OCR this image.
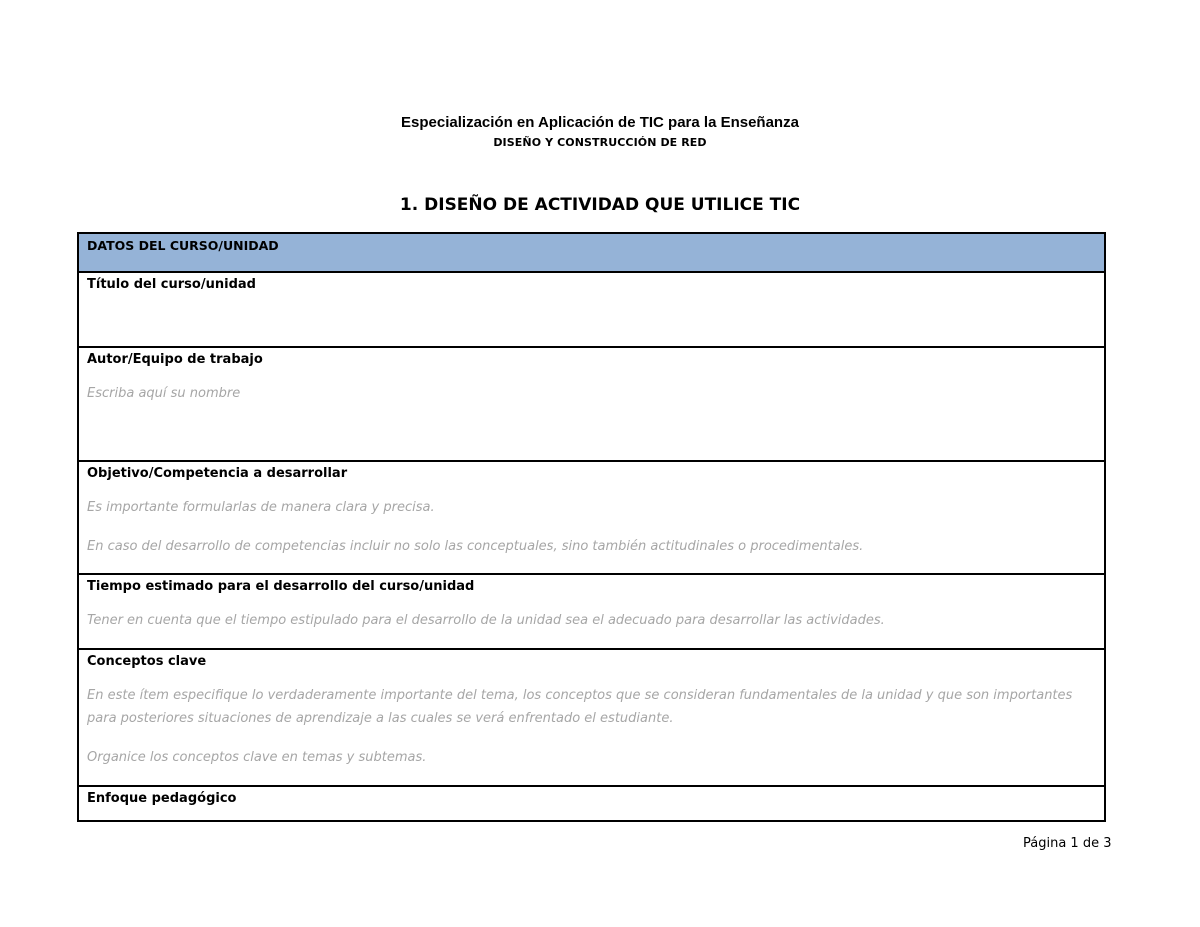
Especialización en Aplicación de TIC para la Enseñanza
DISEÑO Y CONSTRUCCIÓN DE RED
1. DISEÑO DE ACTIVIDAD QUE UTILICE TIC
DATOS DEL CURSO/UNIDAD
Título del curso/unidad
Autor/Equipo de trabajo
Escriba aquí su nombre
Objetivo/Competencia a desarrollar
Es importante formularlas de manera clara y precisa.
En caso del desarrollo de competencias incluir no solo las conceptuales, sino también actitudinales o procedimentales.
Tiempo estimado para el desarrollo del curso/unidad
Tener en cuenta que el tiempo estipulado para el desarrollo de la unidad sea el adecuado para desarrollar las actividades.
Conceptos clave
En este ítem especifique lo verdaderamente importante del tema, los conceptos que se consideran fundamentales de la unidad y que son importantes para posteriores situaciones de aprendizaje a las cuales se verá enfrentado el estudiante.
Organice los conceptos clave en temas y subtemas.
Enfoque pedagógico
Página 1 de 3
